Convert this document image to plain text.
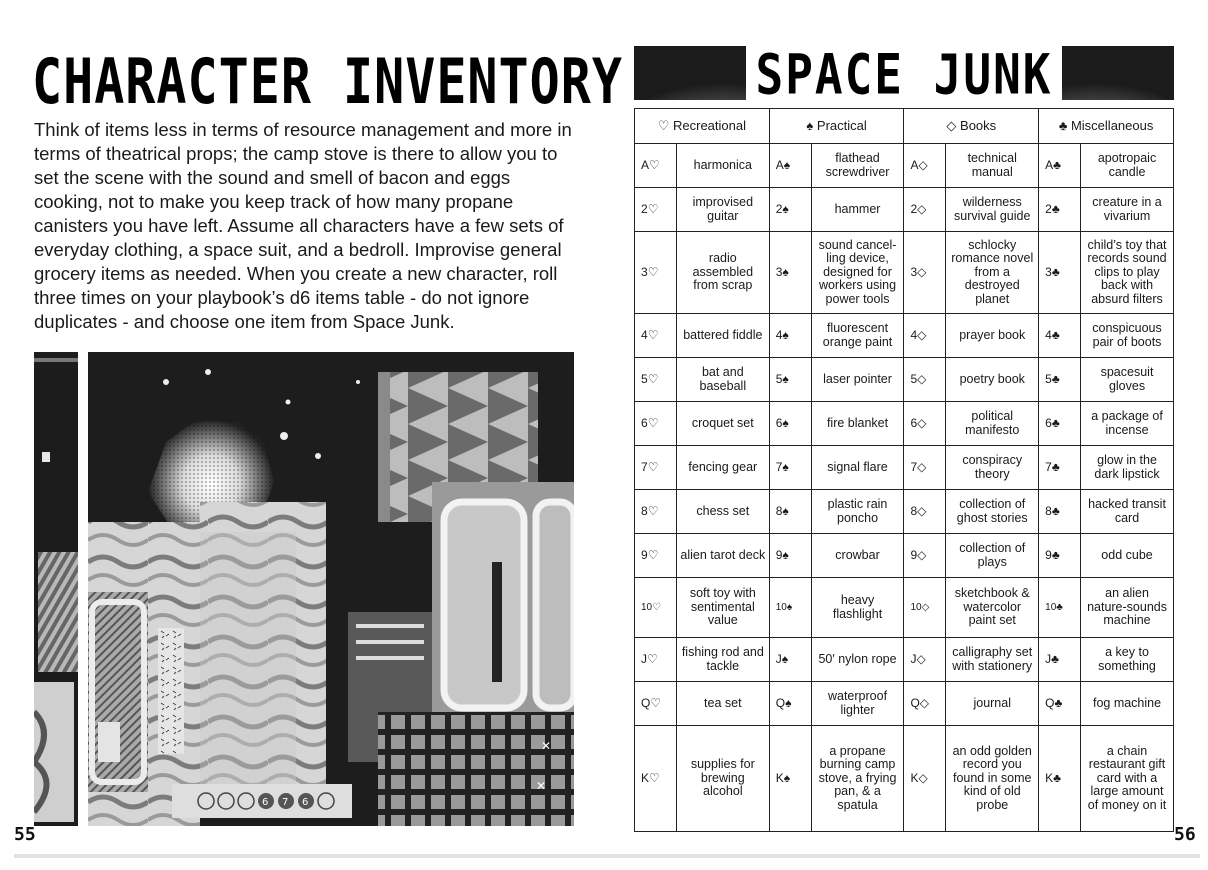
CHARACTER INVENTORY

Think of items less in terms of resource management and more in terms of theatrical props; the camp stove is there to allow you to set the scene with the sound and smell of bacon and eggs cooking, not to make you keep track of how many propane canisters you have left. Assume all characters have a few sets of everyday clothing, a space suit, and a bedroll. Improvise general grocery items as needed. When you create a new character, roll three times on your playbook’s d6 items table - do not ignore duplicates - and choose one item from Space Junk.

✕
✕
6 7 6
55
SPACE JUNK
♡ Recreational		♠ Practical		◇ Books		♣ Miscellaneous	
A♡	harmonica	A♠	flathead screwdriver	A◇	technical manual	A♣	apotropaic candle
2♡	improvised guitar	2♠	hammer	2◇	wilderness survival guide	2♣	creature in a vivarium
3♡	radio assembled from scrap	3♠	sound cancel-ling device, designed for workers using power tools	3◇	schlocky romance novel from a destroyed planet	3♣	child’s toy that records sound clips to play back with absurd filters
4♡	battered fiddle	4♠	fluorescent orange paint	4◇	prayer book	4♣	conspicuous pair of boots
5♡	bat and baseball	5♠	laser pointer	5◇	poetry book	5♣	spacesuit gloves
6♡	croquet set	6♠	fire blanket	6◇	political manifesto	6♣	a package of incense
7♡	fencing gear	7♠	signal flare	7◇	conspiracy theory	7♣	glow in the dark lipstick
8♡	chess set	8♠	plastic rain poncho	8◇	collection of ghost stories	8♣	hacked transit card
9♡	alien tarot deck	9♠	crowbar	9◇	collection of plays	9♣	odd cube
10♡	soft toy with sentimental value	10♠	heavy flashlight	10◇	sketchbook & watercolor paint set	10♣	an alien nature-sounds machine
J♡	fishing rod and tackle	J♠	50′ nylon rope	J◇	calligraphy set with stationery	J♣	a key to something
Q♡	tea set	Q♠	waterproof lighter	Q◇	journal	Q♣	fog machine
K♡	supplies for brewing alcohol	K♠	a propane burning camp stove, a frying pan, & a spatula	K◇	an odd golden record you found in some kind of old probe	K♣	a chain restaurant gift card with a large amount of money on it
56
